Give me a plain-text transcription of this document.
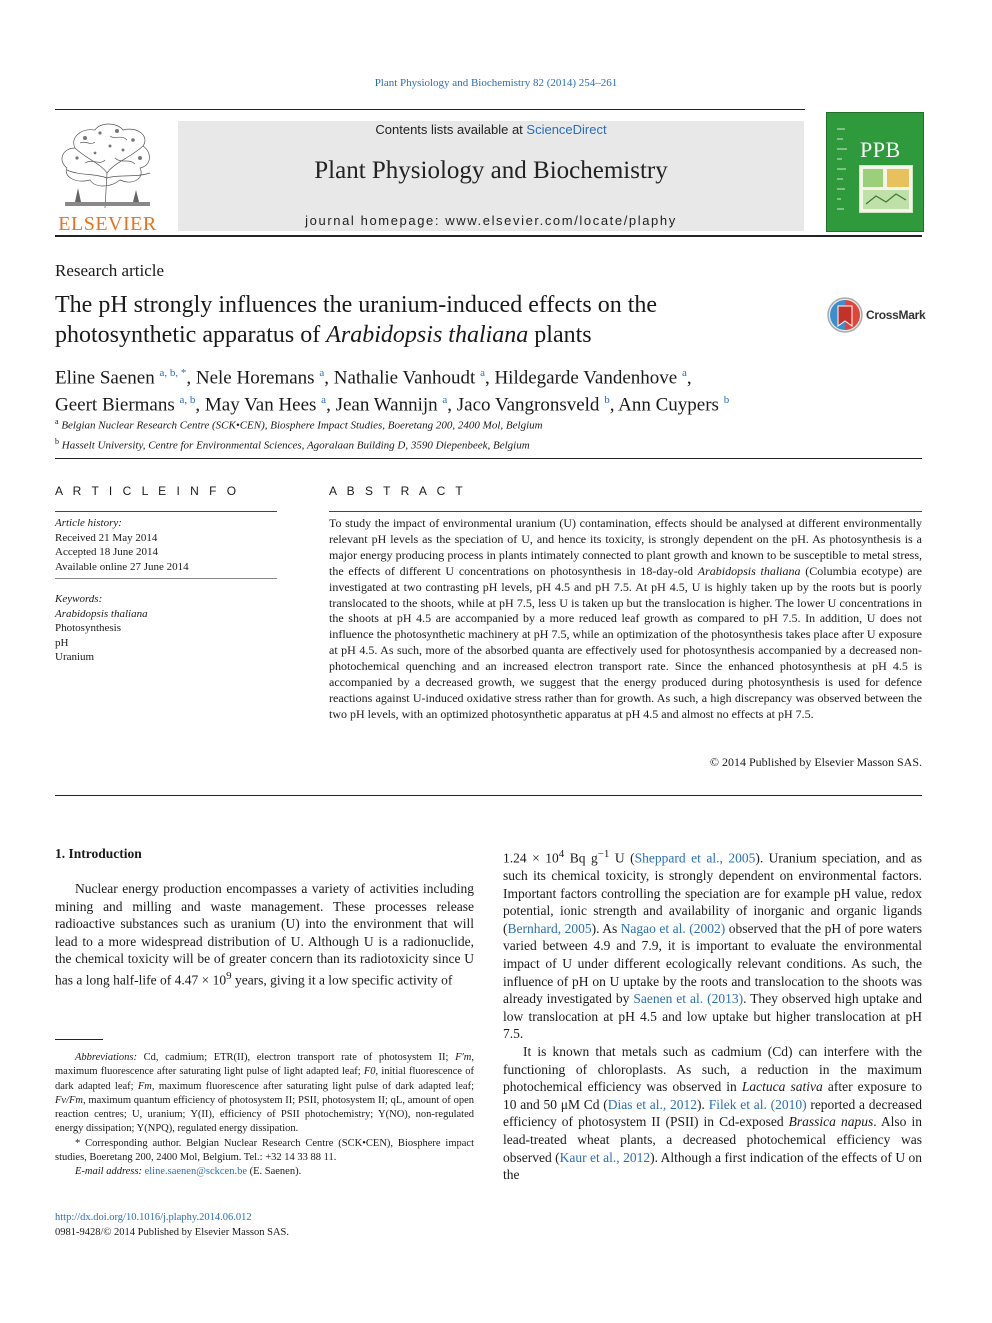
Plant Physiology and Biochemistry 82 (2014) 254–261
ELSEVIER
Contents lists available at ScienceDirect
Plant Physiology and Biochemistry
journal homepage: www.elsevier.com/locate/plaphy
PPB
Research article
The pH strongly influences the uranium-induced effects on the photosynthetic apparatus of Arabidopsis thaliana plants
CrossMark
Eline Saenen $^{a, b, *}$, Nele Horemans $^a$, Nathalie Vanhoudt $^a$, Hildegarde Vandenhove $^a$,
Geert Biermans $^{a, b}$, May Van Hees $^a$, Jean Wannijn $^a$, Jaco Vangronsveld $^b$, Ann Cuypers $^b$
$^a$ Belgian Nuclear Research Centre (SCK•CEN), Biosphere Impact Studies, Boeretang 200, 2400 Mol, Belgium
$^b$ Hasselt University, Centre for Environmental Sciences, Agoralaan Building D, 3590 Diepenbeek, Belgium
A R T I C L E I N F O	A B S T R A C T
Article history:
Received 21 May 2014
Accepted 18 June 2014
Available online 27 June 2014
Keywords:
Arabidopsis thaliana
Photosynthesis
pH
Uranium
To study the impact of environmental uranium (U) contamination, effects should be analysed at different environmentally relevant pH levels as the speciation of U, and hence its toxicity, is strongly dependent on the pH. As photosynthesis is a major energy producing process in plants intimately connected to plant growth and known to be susceptible to metal stress, the effects of different U concentrations on photosynthesis in 18-day-old Arabidopsis thaliana (Columbia ecotype) are investigated at two contrasting pH levels, pH 4.5 and pH 7.5. At pH 4.5, U is highly taken up by the roots but is poorly translocated to the shoots, while at pH 7.5, less U is taken up but the translocation is higher. The lower U concentrations in the shoots at pH 4.5 are accompanied by a more reduced leaf growth as compared to pH 7.5. In addition, U does not influence the photosynthetic machinery at pH 7.5, while an optimization of the photosynthesis takes place after U exposure at pH 4.5. As such, more of the absorbed quanta are effectively used for photosynthesis accompanied by a decreased non-photochemical quenching and an increased electron transport rate. Since the enhanced photosynthesis at pH 4.5 is accompanied by a decreased growth, we suggest that the energy produced during photosynthesis is used for defence reactions against U-induced oxidative stress rather than for growth. As such, a high discrepancy was observed between the two pH levels, with an optimized photosynthetic apparatus at pH 4.5 and almost no effects at pH 7.5.
© 2014 Published by Elsevier Masson SAS.
1. Introduction

Nuclear energy production encompasses a variety of activities including mining and milling and waste management. These processes release radioactive substances such as uranium (U) into the environment that will lead to a more widespread distribution of U. Although U is a radionuclide, the chemical toxicity will be of greater concern than its radiotoxicity since U has a long half-life of $4.47 \times 10^9$ years, giving it a low specific activity of

Abbreviations: Cd, cadmium; ETR(II), electron transport rate of photosystem II; F′m, maximum fluorescence after saturating light pulse of light adapted leaf; F0, initial fluorescence of dark adapted leaf; Fm, maximum fluorescence after saturating light pulse of dark adapted leaf; Fv/Fm, maximum quantum efficiency of photosystem II; PSII, photosystem II; qL, amount of open reaction centres; U, uranium; Y(II), efficiency of PSII photochemistry; Y(NO), non-regulated energy dissipation; Y(NPQ), regulated energy dissipation.

* Corresponding author. Belgian Nuclear Research Centre (SCK•CEN), Biosphere impact studies, Boeretang 200, 2400 Mol, Belgium. Tel.: +32 14 33 88 11.

E-mail address: eline.saenen@sckcen.be (E. Saenen).

http://dx.doi.org/10.1016/j.plaphy.2014.06.012
0981-9428/© 2014 Published by Elsevier Masson SAS.

$1.24 \times 10^4$ Bq $g^{-1}$ U (Sheppard et al., 2005). Uranium speciation, and as such its chemical toxicity, is strongly dependent on environmental factors. Important factors controlling the speciation are for example pH value, redox potential, ionic strength and availability of inorganic and organic ligands (Bernhard, 2005). As Nagao et al. (2002) observed that the pH of pore waters varied between 4.9 and 7.9, it is important to evaluate the environmental impact of U under different ecologically relevant conditions. As such, the influence of pH on U uptake by the roots and translocation to the shoots was already investigated by Saenen et al. (2013). They observed high uptake and low translocation at pH 4.5 and low uptake but higher translocation at pH 7.5.

It is known that metals such as cadmium (Cd) can interfere with the functioning of chloroplasts. As such, a reduction in the maximum photochemical efficiency was observed in Lactuca sativa after exposure to 10 and 50 μM Cd (Dias et al., 2012). Filek et al. (2010) reported a decreased efficiency of photosystem II (PSII) in Cd-exposed Brassica napus. Also in lead-treated wheat plants, a decreased photochemical efficiency was observed (Kaur et al., 2012). Although a first indication of the effects of U on the
